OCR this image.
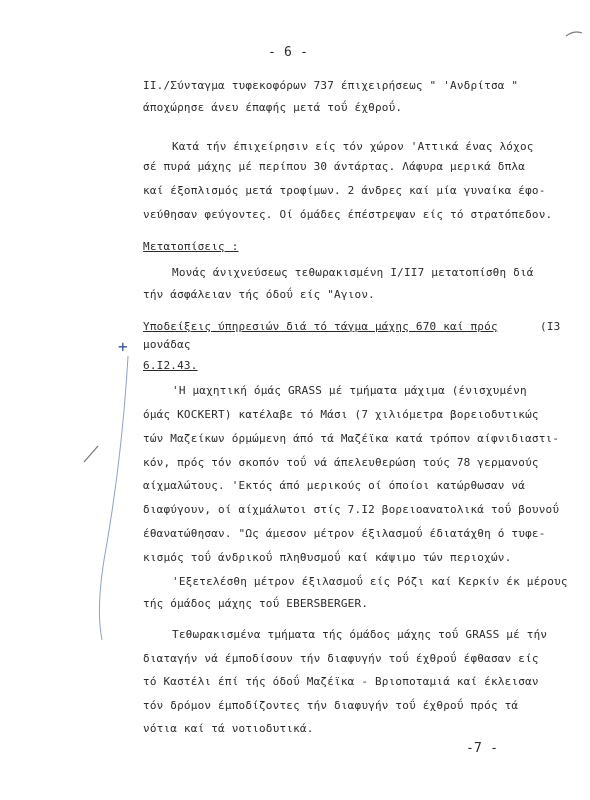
- 6 -
II./Σύνταγμα τυφεκοφόρων 737 έπιχειρήσεως " 'Ανδρίτσα "
άποχώρησε άνευ έπαφής μετά τοΰ έχθροΰ.
Κατά τήν έπιχείρησιν είς τόν χώρον 'Αττικά ένας λόχος
σέ πυρά μάχης μέ περίπου 30 άντάρτας. Λάφυρα μερικά δπλα
καί έξοπλισμός μετά τροφίμων. 2 άνδρες καί μία γυναίκα έφο-
νεύθησαν φεύγοντες. Οί όμάδες έπέστρεψαν είς τό στρατόπεδον.
Μετατοπίσεις :
Μονάς άνιχνεύσεως τεθωρακισμένη Ι/ΙΙ7 μετατοπίσθη διά
τήν άσφάλειαν τής όδοΰ είς "Αγιον.
Υποδείξεις ύπηρεσιών διά τό τάγμα μάχης 670 καί πρός	(Ι3
μονάδας
+
6.Ι2.43.
'Η μαχητική όμάς GRASS μέ τμήματα μάχιμα (ένισχυμένη
όμάς KOCKERT) κατέλαβε τό Μάσι (7 χιλιόμετρα βορειοδυτικώς
τών Μαζείκων όρμώμενη άπό τά Μαζέϊκα κατά τρόπον αίφνιδιαστι-
κόν, πρός τόν σκοπόν τοΰ νά άπελευθερώση τούς 78 γερμανούς
αίχμαλώτους. 'Εκτός άπό μερικούς οί όποίοι κατώρθωσαν νά
διαφύγουν, οί αίχμάλωτοι στίς 7.Ι2 βορειοανατολικά τοΰ βουνοΰ
έθανατώθησαν. "Ως άμεσον μέτρον έξιλασμοΰ έδιατάχθη ό τυφε-
κισμός τοΰ άνδρικοΰ πληθυσμοΰ καί κάψιμο τών περιοχών.
'Εξετελέσθη μέτρον έξιλασμοΰ είς Ρόζι καί Κερκίν έκ μέρους
τής όμάδος μάχης τοΰ EBERSBERGER.
Τεθωρακισμένα τμήματα τής όμάδος μάχης τοΰ GRASS μέ τήν
διαταγήν νά έμποδίσουν τήν διαφυγήν τοΰ έχθροΰ έφθασαν είς
τό Καστέλι έπί τής όδοΰ Μαζέϊκα - Βριοποταμιά καί έκλεισαν
τόν δρόμον έμποδίζοντες τήν διαφυγήν τοΰ έχθροΰ πρός τά
νότια καί τά νοτιοδυτικά.
-7 -
